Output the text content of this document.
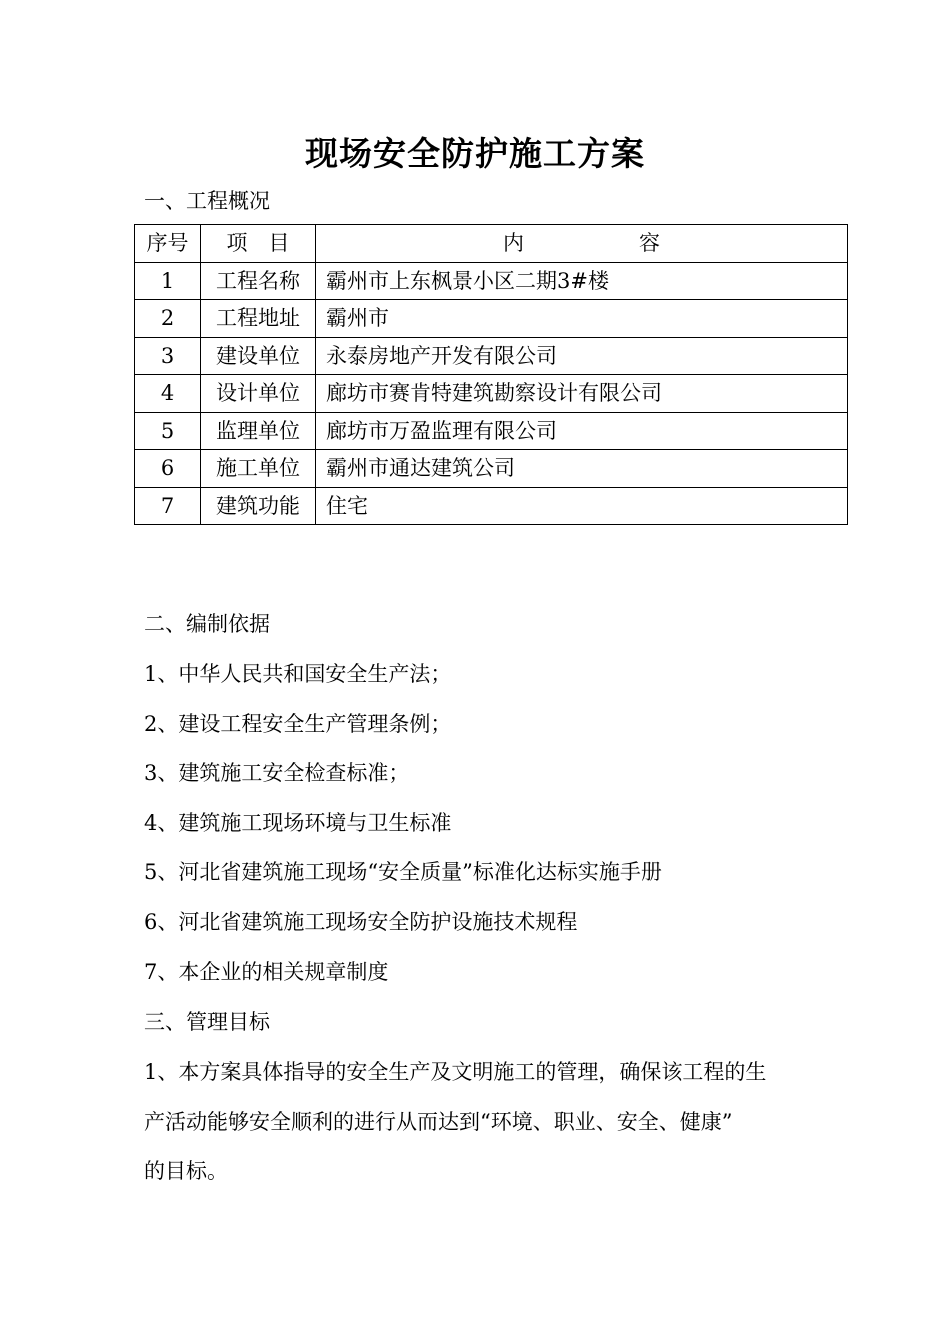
现场安全防护施工方案

一、工程概况

序号	项　目	内 容
1	工程名称	霸州市上东枫景小区二期3#楼
2	工程地址	霸州市
3	建设单位	永泰房地产开发有限公司
4	设计单位	廊坊市赛肯特建筑勘察设计有限公司
5	监理单位	廊坊市万盈监理有限公司
6	施工单位	霸州市通达建筑公司
7	建筑功能	住宅

二、编制依据

1、中华人民共和国安全生产法；

2、建设工程安全生产管理条例；

3、建筑施工安全检查标准；

4、建筑施工现场环境与卫生标准

5、河北省建筑施工现场“安全质量”标准化达标实施手册

6、河北省建筑施工现场安全防护设施技术规程

7、本企业的相关规章制度

三、管理目标

1、本方案具体指导的安全生产及文明施工的管理，确保该工程的生

产活动能够安全顺利的进行从而达到“环境、职业、安全、健康”

的目标。
